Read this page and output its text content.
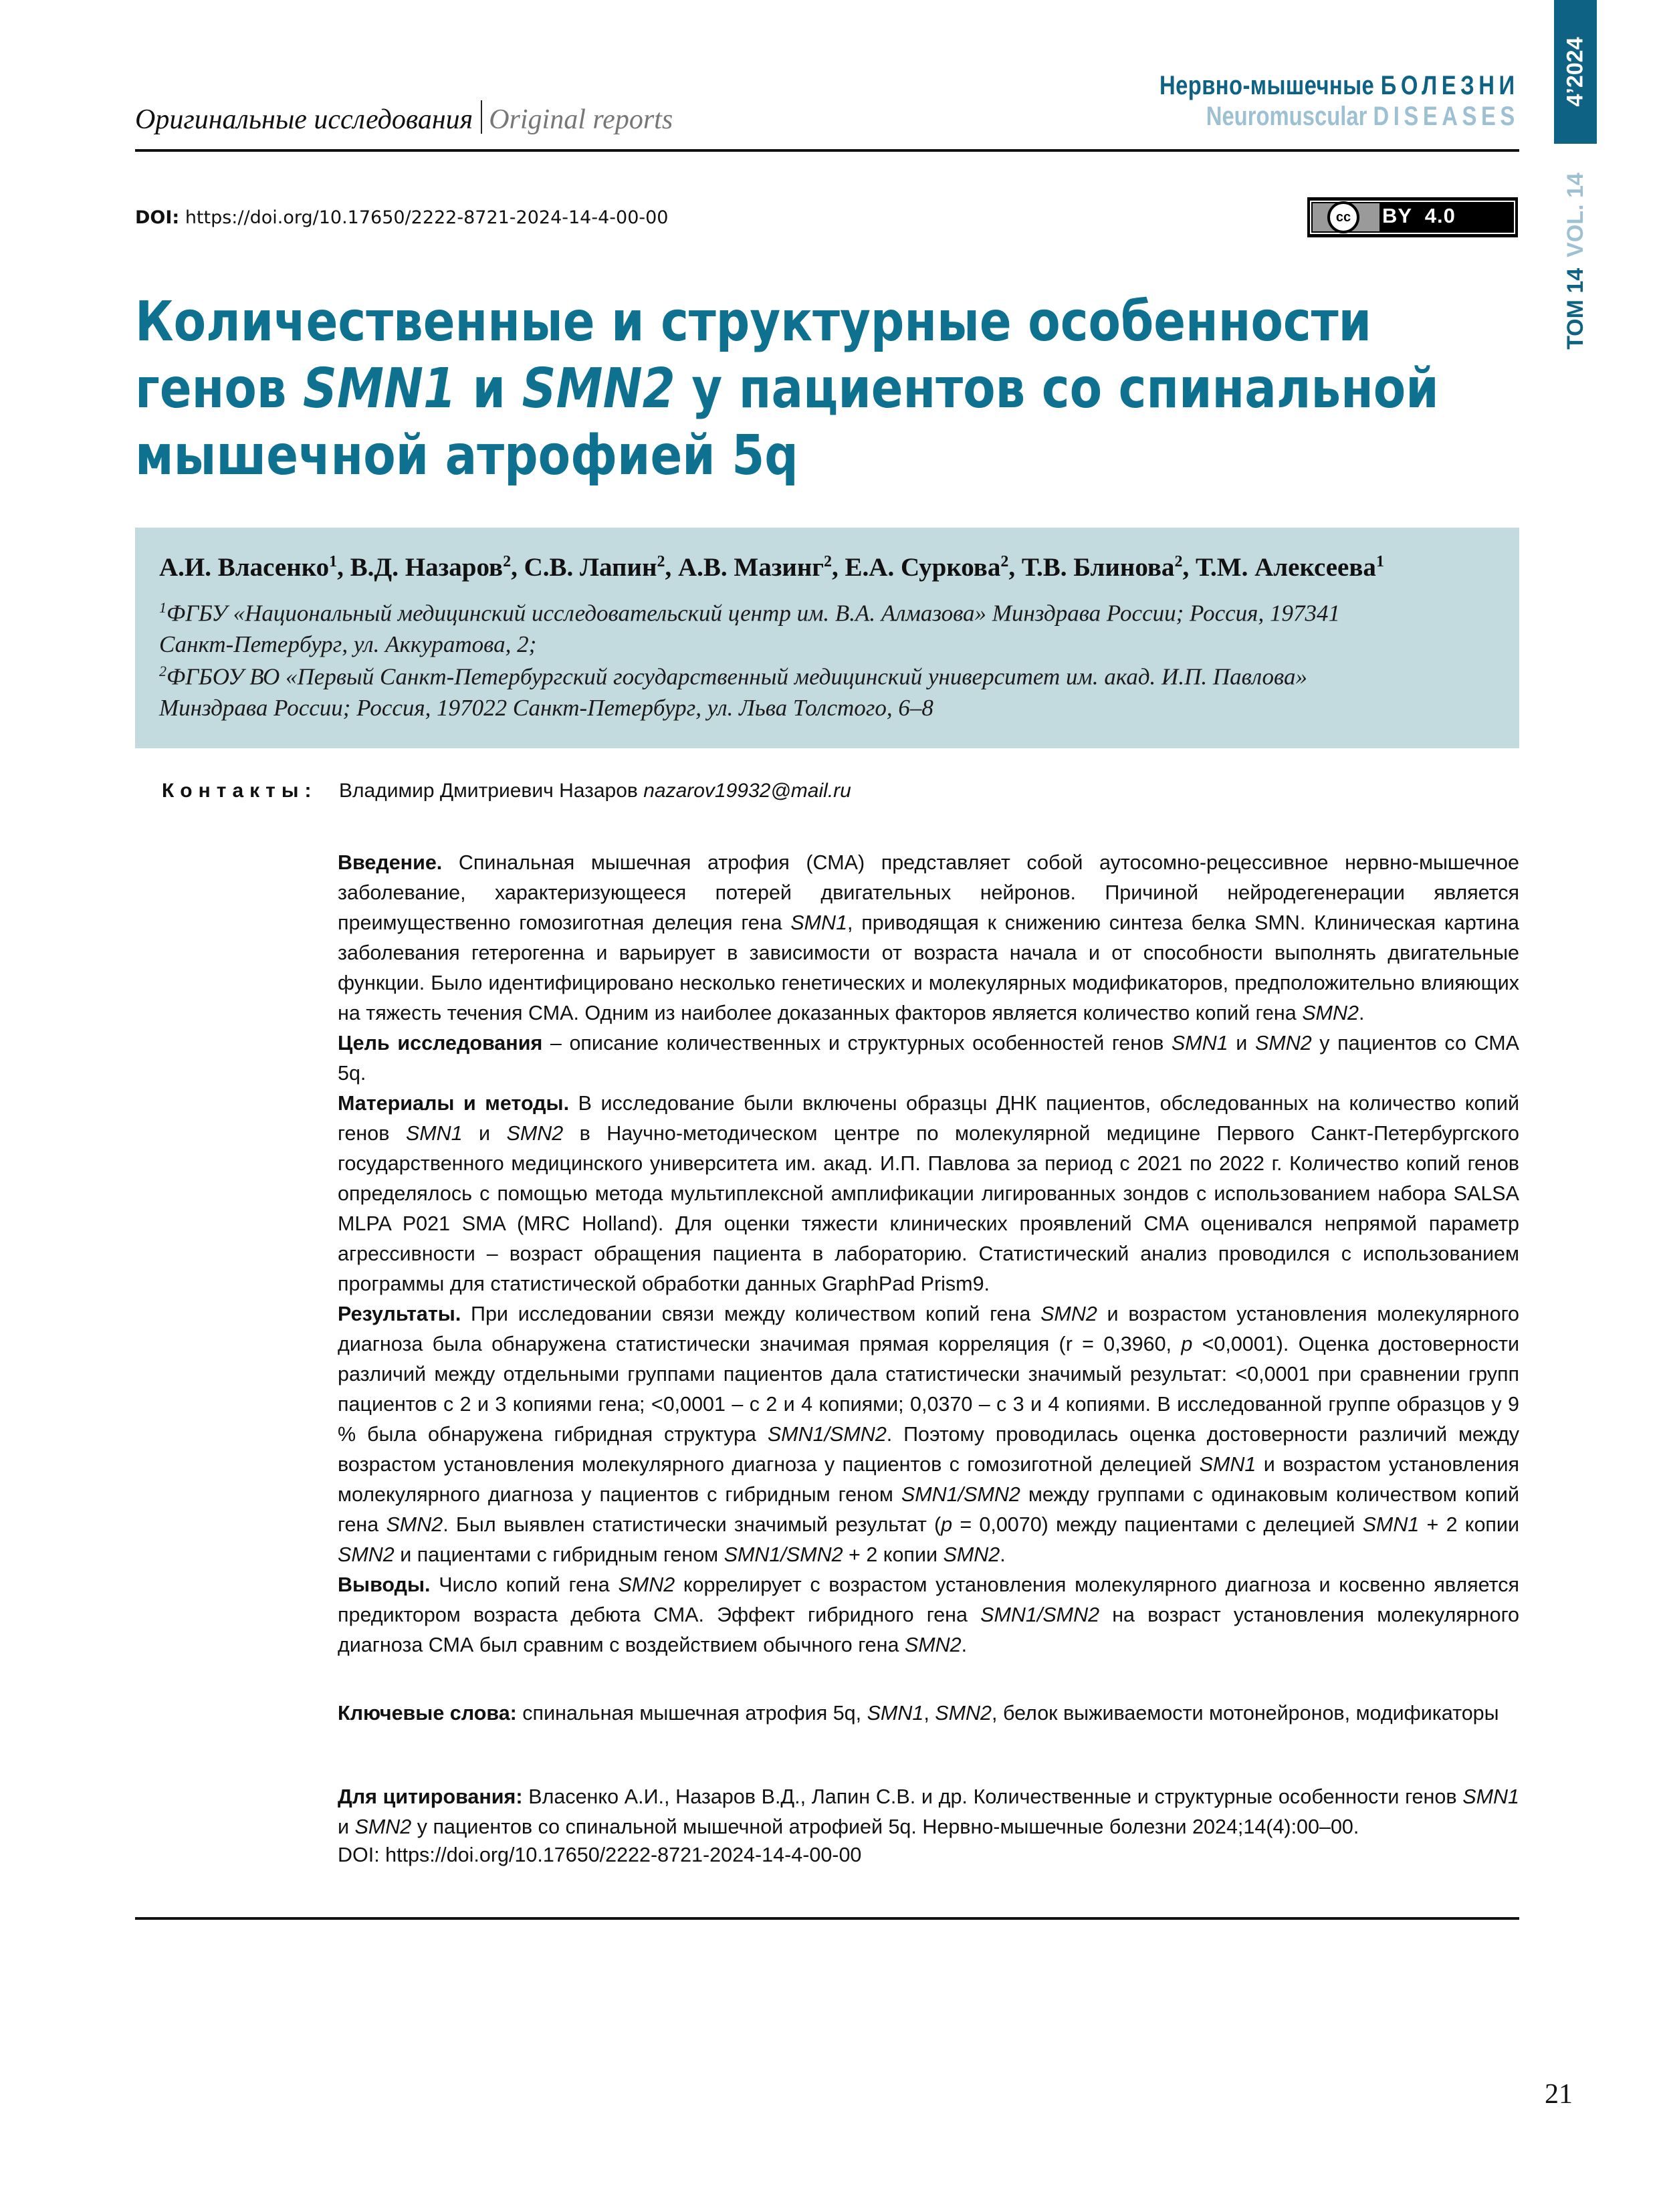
Оригинальные исследования Original reports
Нервно-мышечные БОЛЕЗНИ
Neuromuscular DISEASES
4’2024
ТОМ 14VOL. 14
DOI: https://doi.org/10.17650/2222-8721-2024-14-4-00-00	cc BY  4.0
Количественные и структурные особенности
генов SMN1 и SMN2 у пациентов со спинальной
мышечной атрофией 5q
А.И. Власенко$^1$, В.Д. Назаров$^2$, С.В. Лапин$^2$, А.В. Мазинг$^2$, Е.А. Суркова$^2$, Т.В. Блинова$^2$, Т.М. Алексеева$^1$
$^1$ФГБУ «Национальный медицинский исследовательский центр им. В.А. Алмазова» Минздрава России; Россия, 197341
Санкт-Петербург, ул. Аккуратова, 2;
$^2$ФГБОУ ВО «Первый Санкт-Петербургский государственный медицинский университет им. акад. И.П. Павлова»
Минздрава России; Россия, 197022 Санкт-Петербург, ул. Льва Толстого, 6–8
Контакты: Владимир Дмитриевич Назаров nazarov19932@mail.ru

Введение. Спинальная мышечная атрофия (СМА) представляет собой аутосомно-рецессивное нервно-мышечное заболевание, характеризующееся потерей двигательных нейронов. Причиной нейродегенерации является преимущественно гомозиготная делеция гена SMN1, приводящая к снижению синтеза белка SMN. Клиническая картина заболевания гетерогенна и варьирует в зависимости от возраста начала и от способности выполнять двигательные функции. Было идентифицировано несколько генетических и молекулярных модификаторов, предположительно влияющих на тяжесть течения СМА. Одним из наиболее доказанных факторов является количество копий гена SMN2.

Цель исследования – описание количественных и структурных особенностей генов SMN1 и SMN2 у пациентов со СМА 5q.

Материалы и методы. В исследование были включены образцы ДНК пациентов, обследованных на количество копий генов SMN1 и SMN2 в Научно-методическом центре по молекулярной медицине Первого Санкт-Петербургского государственного медицинского университета им. акад. И.П. Павлова за период с 2021 по 2022 г. Количество копий генов определялось с помощью метода мультиплексной амплификации лигированных зондов с использованием набора SALSA MLPA P021 SMA (MRC Holland). Для оценки тяжести клинических проявлений СМА оценивался непрямой параметр агрессивности – возраст обращения пациента в лабораторию. Статистический анализ проводился с использованием программы для статистической обработки данных GraphPad Prism9.

Результаты. При исследовании связи между количеством копий гена SMN2 и возрастом установления молекулярного диагноза была обнаружена статистически значимая прямая корреляция (r = 0,3960, p <0,0001). Оценка достоверности различий между отдельными группами пациентов дала статистически значимый результат: <0,0001 при сравнении групп пациентов с 2 и 3 копиями гена; <0,0001 – с 2 и 4 копиями; 0,0370 – с 3 и 4 копиями. В исследованной группе образцов у 9 % была обнаружена гибридная структура SMN1/SMN2. Поэтому проводилась оценка достоверности различий между возрастом установления молекулярного диагноза у пациентов с гомозиготной делецией SMN1 и возрастом установления молекулярного диагноза у пациентов с гибридным геном SMN1/SMN2 между группами с одинаковым количеством копий гена SMN2. Был выявлен статистически значимый результат (p = 0,0070) между пациентами с делецией SMN1 + 2 копии SMN2 и пациентами с гибридным геном SMN1/SMN2 + 2 копии SMN2.

Выводы. Число копий гена SMN2 коррелирует с возрастом установления молекулярного диагноза и косвенно является предиктором возраста дебюта СМА. Эффект гибридного гена SMN1/SMN2 на возраст установления молекулярного диагноза СМА был сравним с воздействием обычного гена SMN2.

Ключевые слова: спинальная мышечная атрофия 5q, SMN1, SMN2, белок выживаемости мотонейронов, модификаторы
Для цитирования: Власенко А.И., Назаров В.Д., Лапин С.В. и др. Количественные и структурные особенности генов SMN1 и SMN2 у пациентов со спинальной мышечной атрофией 5q. Нервно-мышечные болезни 2024;14(4):00–00.
DOI: https://doi.org/10.17650/2222-8721-2024-14-4-00-00
21
